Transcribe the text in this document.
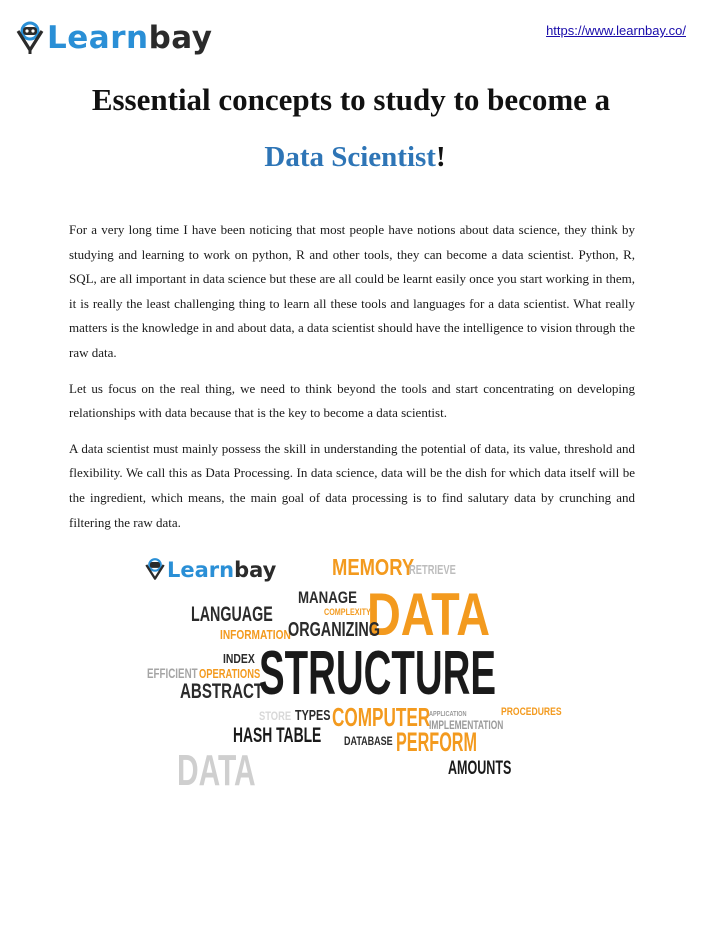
Learnbay	https://www.learnbay.co/
Essential concepts to study to become a
Data Scientist!

For a very long time I have been noticing that most people have notions about data science, they think by studying and learning to work on python, R and other tools, they can become a data scientist. Python, R, SQL, are all important in data science but these are all could be learnt easily once you start working in them, it is really the least challenging thing to learn all these tools and languages for a data scientist. What really matters is the knowledge in and about data, a data scientist should have the intelligence to vision through the raw data.

Let us focus on the real thing, we need to think beyond the tools and start concentrating on developing relationships with data because that is the key to become a data scientist.

A data scientist must mainly possess the skill in understanding the potential of data, its value, threshold and flexibility. We call this as Data Processing. In data science, data will be the dish for which data itself will be the ingredient, which means, the main goal of data processing is to find salutary data by crunching and filtering the raw data.

Learn bay MEMORY
RETRIEVE
MANAGE
COMPLEXITY
DATA
LANGUAGE
INFORMATION
ORGANIZING
INDEX
EFFICIENT OPERATIONS
ABSTRACT
STRUCTURE
STORE TYPES COMPUTER
APPLICATION
IMPLEMENTATION
PROCEDURES
HASH TABLE DATABASE PERFORM
DATA	AMOUNTS
